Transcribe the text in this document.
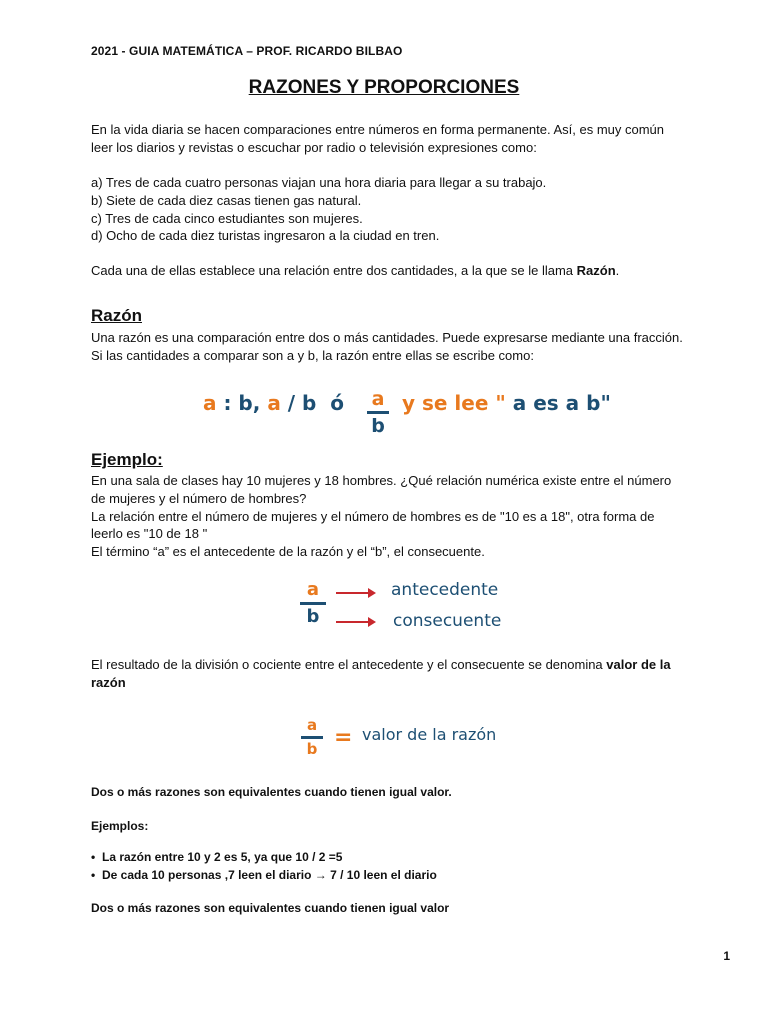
2021 - GUIA MATEMÁTICA – PROF. RICARDO BILBAO
RAZONES Y PROPORCIONES
En la vida diaria se hacen comparaciones entre números en forma permanente. Así, es muy común
leer los diarios y revistas o escuchar por radio o televisión expresiones como:
a) Tres de cada cuatro personas viajan una hora diaria para llegar a su trabajo.
b) Siete de cada diez casas tienen gas natural.
c) Tres de cada cinco estudiantes son mujeres.
d) Ocho de cada diez turistas ingresaron a la ciudad en tren.
Cada una de ellas establece una relación entre dos cantidades, a la que se le llama Razón.
Razón
Una razón es una comparación entre dos o más cantidades. Puede expresarse mediante una fracción.
Si las cantidades a comparar son a y b, la razón entre ellas se escribe como:
a : b, a / b  ó a
b
y se lee " a es a b"
Ejemplo:
En una sala de clases hay 10 mujeres y 18 hombres. ¿Qué relación numérica existe entre el número
de mujeres y el número de hombres?
La relación entre el número de mujeres y el número de hombres es de "10 es a 18", otra forma de
leerlo es "10 de 18 "
El término “a” es el antecedente de la razón y el “b”, el consecuente.
a
b
antecedente
consecuente
El resultado de la división o cociente entre el antecedente y el consecuente se denomina valor de la
razón
a
b = valor de la razón
Dos o más razones son equivalentes cuando tienen igual valor.
Ejemplos:
• La razón entre 10 y 2 es 5, ya que 10 / 2 =5
• De cada 10 personas ,7 leen el diario → 7 / 10 leen el diario
Dos o más razones son equivalentes cuando tienen igual valor
1
